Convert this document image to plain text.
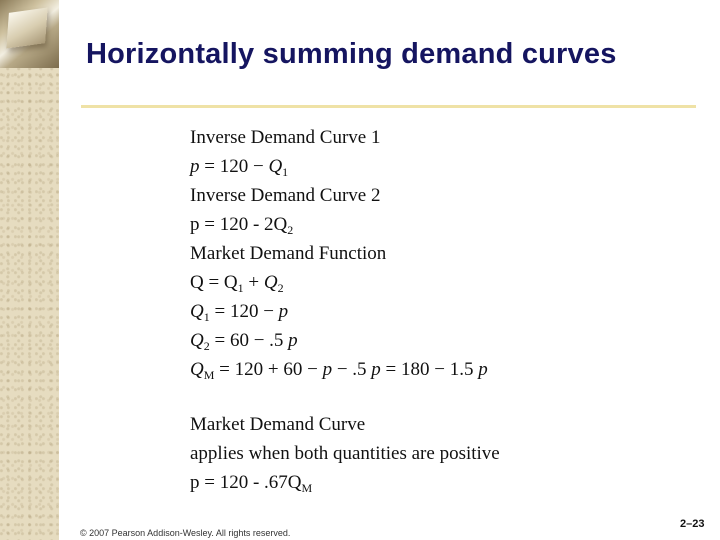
Horizontally summing demand curves
Inverse Demand Curve 1
$p = 120 - Q_1$
Inverse Demand Curve 2
$p = 120 - 2Q_2$
Market Demand Function
$Q = Q_1 + Q_2$
$Q_1 = 120 - p$
$Q_2 = 60 - .5$ p
$Q_M = 120 + 60 - p - .5$ p = 180 − 1.5 p
Market Demand Curve
applies when both quantities are positive
$p = 120 - .67Q_M$
© 2007 Pearson Addison-Wesley. All rights reserved.
2–23
